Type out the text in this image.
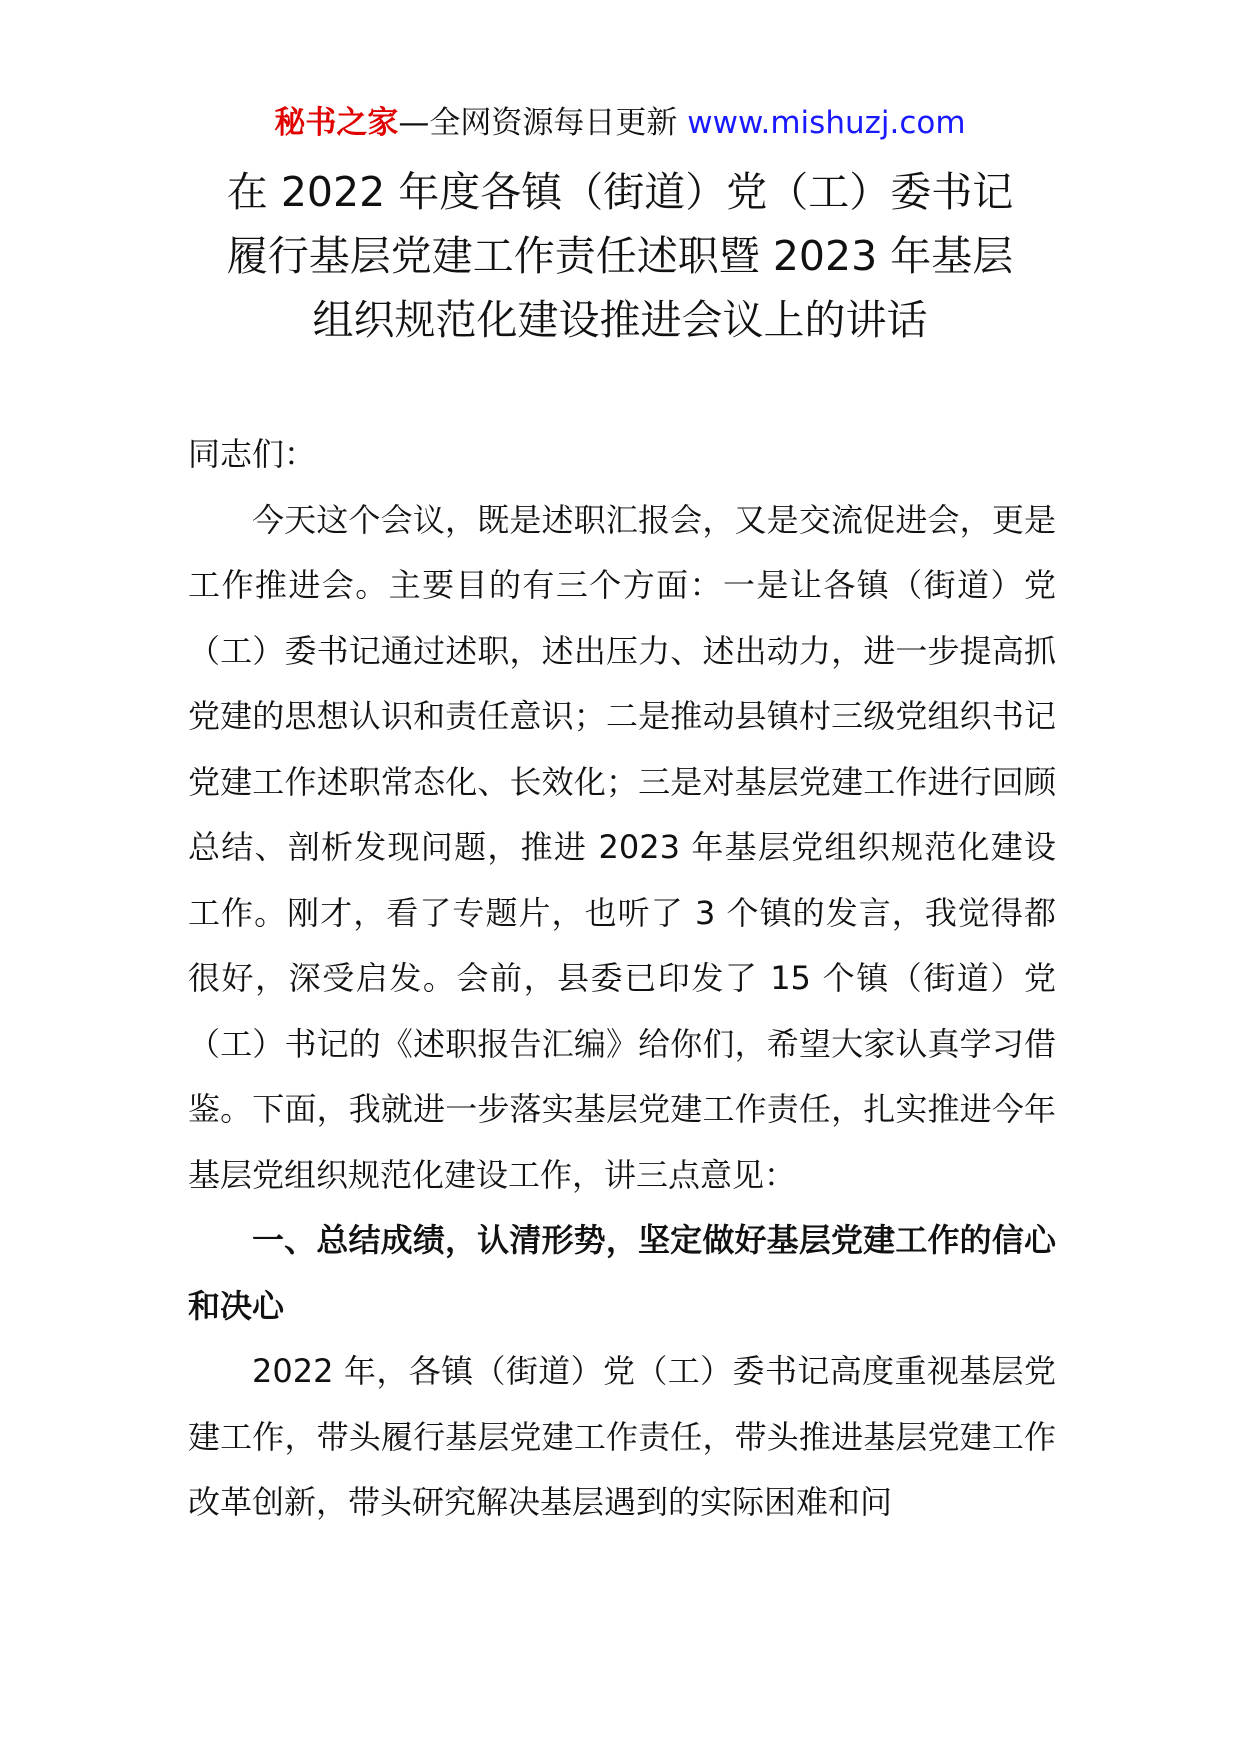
秘书之家—全网资源每日更新 www.mishuzj.com
在 2022 年度各镇（街道）党（工）委书记
履行基层党建工作责任述职暨 2023 年基层
组织规范化建设推进会议上的讲话

同志们：

今天这个会议，既是述职汇报会，又是交流促进会，更是工作推进会。主要目的有三个方面：一是让各镇（街道）党（工）委书记通过述职，述出压力、述出动力，进一步提高抓党建的思想认识和责任意识；二是推动县镇村三级党组织书记党建工作述职常态化、长效化；三是对基层党建工作进行回顾总结、剖析发现问题，推进 2023 年基层党组织规范化建设工作。刚才，看了专题片，也听了 3 个镇的发言，我觉得都很好，深受启发。会前，县委已印发了 15 个镇（街道）党（工）书记的《述职报告汇编》给你们，希望大家认真学习借鉴。下面，我就进一步落实基层党建工作责任，扎实推进今年基层党组织规范化建设工作，讲三点意见：

一、总结成绩，认清形势，坚定做好基层党建工作的信心和决心

2022 年，各镇（街道）党（工）委书记高度重视基层党建工作，带头履行基层党建工作责任，带头推进基层党建工作改革创新，带头研究解决基层遇到的实际困难和问
